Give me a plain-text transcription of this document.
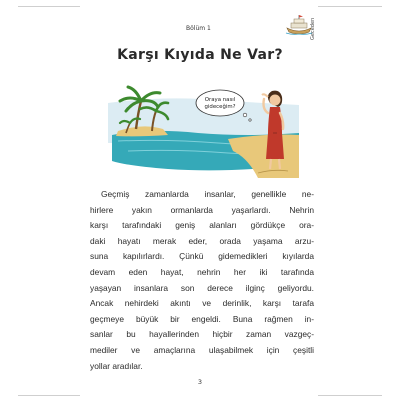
Bölüm 1	Geceden
Karşı Kıyıda Ne Var?
Oraya nasıl
gideceğim?
Geçmiş zamanlarda insanlar, genellikle ne-
hirlere yakın ormanlarda yaşarlardı. Nehrin
karşı tarafındaki geniş alanları gördükçe ora-
daki hayatı merak eder, orada yaşama arzu-
suna kapılırlardı. Çünkü gidemedikleri kıyılarda
devam eden hayat, nehrin her iki tarafında
yaşayan insanlara son derece ilginç geliyordu.
Ancak nehirdeki akıntı ve derinlik, karşı tarafa
geçmeye büyük bir engeldi. Buna rağmen in-
sanlar bu hayallerinden hiçbir zaman vazgeç-
mediler ve amaçlarına ulaşabilmek için çeşitli
yollar aradılar.
3
